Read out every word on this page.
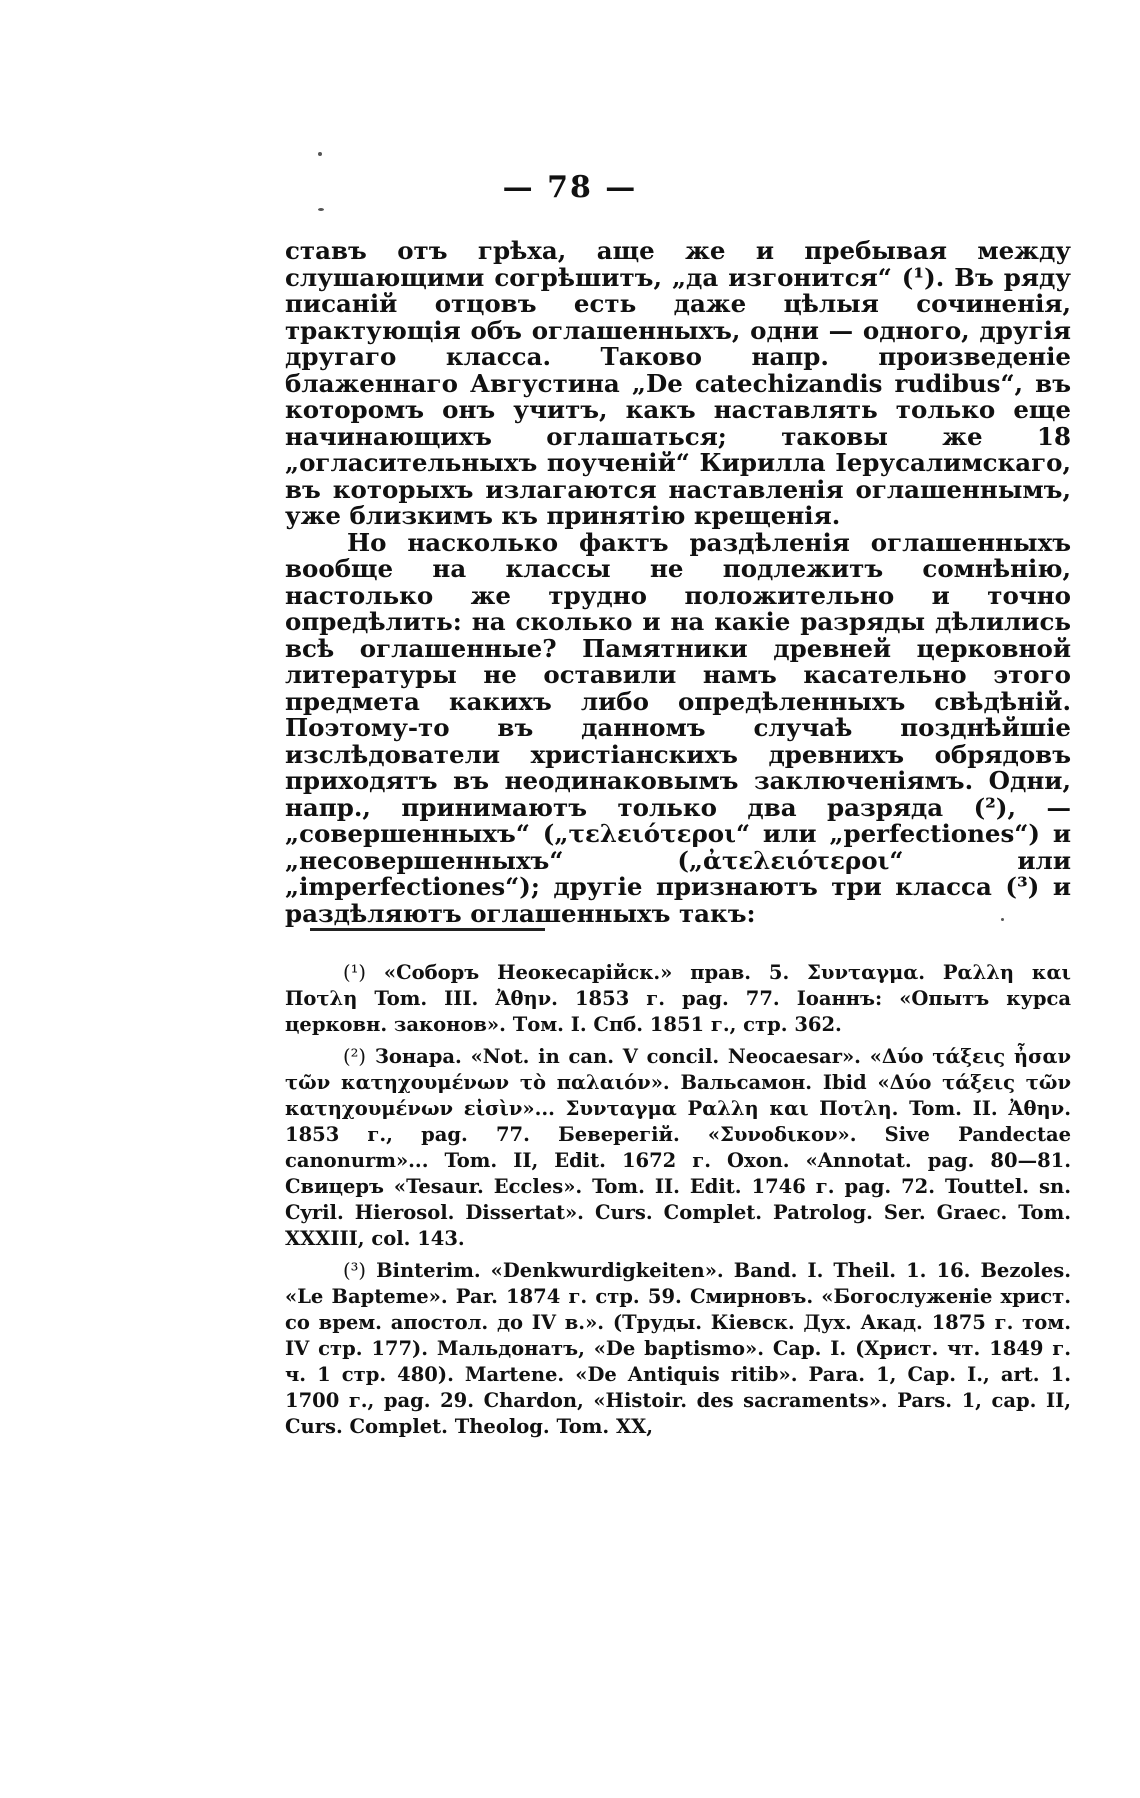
— 78 —

ставъ отъ грѣха, аще же и пребывая между слушающими согрѣшитъ, „да изгонится“ (¹). Въ ряду писаній отцовъ есть даже цѣлыя сочиненія, трактующія объ оглашенныхъ, одни — одного, другія другаго класса. Таково напр. произведеніе блаженнаго Августина „De catechizandis rudibus“, въ которомъ онъ учитъ, какъ наставлять только еще начинающихъ оглашаться; таковы же 18 „огласительныхъ поученій“ Кирилла Іерусалимскаго, въ которыхъ излагаются наставленія оглашеннымъ, уже близкимъ къ принятію крещенія.

Но насколько фактъ раздѣленія оглашенныхъ вообще на классы не подлежитъ сомнѣнію, настолько же трудно положительно и точно опредѣлить: на сколько и на какіе разряды дѣлились всѣ оглашенные? Памятники древней церковной литературы не оставили намъ касательно этого предмета какихъ либо опредѣленныхъ свѣдѣній. Поэтому-то въ данномъ случаѣ позднѣйшіе изслѣдователи христіанскихъ древнихъ обрядовъ приходятъ въ неодинаковымъ заключеніямъ. Одни, напр., принимаютъ только два разряда (²), — „совершенныхъ“ („τελειότεροι“ или „perfectiones“) и „несовершенныхъ“ („ἀτελειότεροι“ или „imperfectiones“); другіе признаютъ три класса (³) и раздѣляютъ оглашенныхъ такъ:

(¹) «Соборъ Неокесарійск.» прав. 5. Συνταγμα. Ραλλη και Ποτλη Tom. III. Ἀθην. 1853 г. pag. 77. Іоаннъ: «Опытъ курса церковн. законов». Том. I. Спб. 1851 г., стр. 362.

(²) Зонара. «Not. in can. V concil. Neocaesar». «Δύο τάξεις ἦσαν τῶν κατηχουμένων τὸ παλαιόν». Вальсамон. Ibid «Δύο τάξεις τῶν κατηχουμένων εἰσὶν»... Συνταγμα Ραλλη και Ποτλη. Tom. II. Ἀθην. 1853 г., pag. 77. Беверегій. «Συνοδικον». Sive Pandectae canonurm»... Tom. II, Edit. 1672 г. Oxon. «Annotat. pag. 80—81. Свицеръ «Tesaur. Eccles». Tom. II. Edit. 1746 г. pag. 72. Touttel. sn. Cyril. Hierosol. Dissertat». Curs. Complet. Patrolog. Ser. Graec. Tom. XXXIII, col. 143.

(³) Binterim. «Denkwurdigkeiten». Band. I. Theil. 1. 16. Bezoles. «Le Bapteme». Par. 1874 г. стр. 59. Смирновъ. «Богослуженіе христ. со врем. апостол. до IV в.». (Труды. Кіевск. Дух. Акад. 1875 г. том. IV стр. 177). Мальдонатъ, «De baptismo». Cap. I. (Христ. чт. 1849 г. ч. 1 стр. 480). Martene. «De Antiquis ritib». Para. 1, Cap. I., art. 1. 1700 г., pag. 29. Chardon, «Histoir. des sacraments». Pars. 1, cap. II, Curs. Complet. Theolog. Tom. XX,
